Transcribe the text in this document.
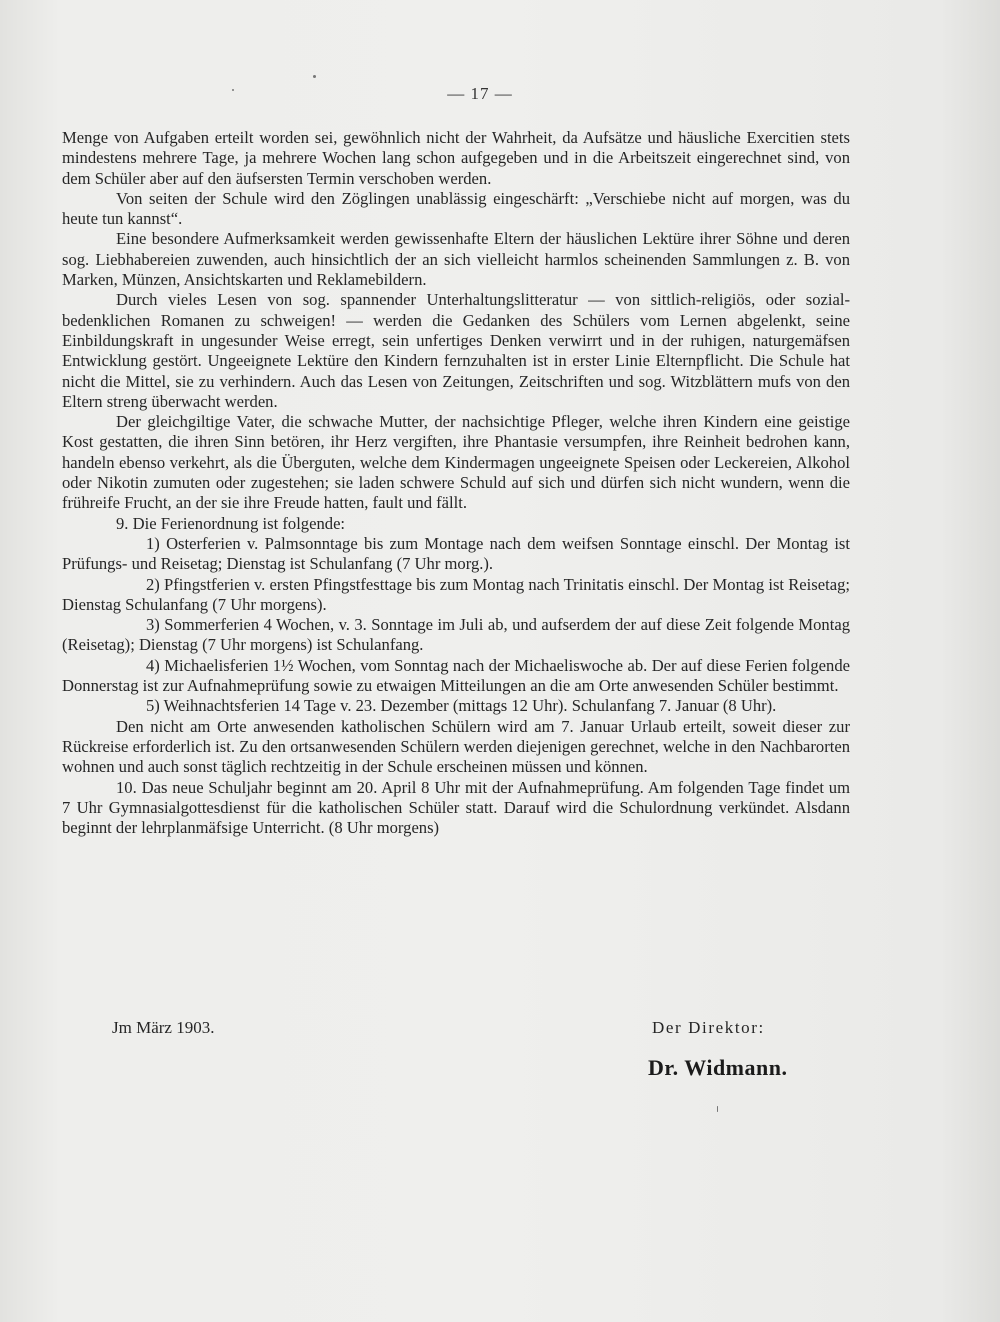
— 17 —

Menge von Aufgaben erteilt worden sei, gewöhnlich nicht der Wahrheit, da Aufsätze und häusliche Exercitien stets mindestens mehrere Tage, ja mehrere Wochen lang schon aufgegeben und in die Arbeitszeit eingerechnet sind, von dem Schüler aber auf den äufsersten Termin verschoben werden.

Von seiten der Schule wird den Zöglingen unablässig eingeschärft: „Verschiebe nicht auf morgen, was du heute tun kannst“.

Eine besondere Aufmerksamkeit werden gewissenhafte Eltern der häuslichen Lektüre ihrer Söhne und deren sog. Liebhabereien zuwenden, auch hinsichtlich der an sich vielleicht harmlos scheinenden Sammlungen z. B. von Marken, Münzen, Ansichtskarten und Reklamebildern.

Durch vieles Lesen von sog. spannender Unterhaltungslitteratur — von sittlich-religiös, oder sozial-bedenklichen Romanen zu schweigen! — werden die Gedanken des Schülers vom Lernen abgelenkt, seine Einbildungskraft in ungesunder Weise erregt, sein unfertiges Denken verwirrt und in der ruhigen, naturgemäfsen Entwicklung gestört. Ungeeignete Lektüre den Kindern fernzuhalten ist in erster Linie Elternpflicht. Die Schule hat nicht die Mittel, sie zu verhindern. Auch das Lesen von Zeitungen, Zeitschriften und sog. Witzblättern mufs von den Eltern streng überwacht werden.

Der gleichgiltige Vater, die schwache Mutter, der nachsichtige Pfleger, welche ihren Kindern eine geistige Kost gestatten, die ihren Sinn betören, ihr Herz vergiften, ihre Phantasie versumpfen, ihre Reinheit bedrohen kann, handeln ebenso verkehrt, als die Überguten, welche dem Kindermagen ungeeignete Speisen oder Leckereien, Alkohol oder Nikotin zumuten oder zugestehen; sie laden schwere Schuld auf sich und dürfen sich nicht wundern, wenn die frühreife Frucht, an der sie ihre Freude hatten, fault und fällt.

9. Die Ferienordnung ist folgende:

1) Osterferien v. Palmsonntage bis zum Montage nach dem weifsen Sonntage einschl. Der Montag ist Prüfungs- und Reisetag; Dienstag ist Schulanfang (7 Uhr morg.).

2) Pfingstferien v. ersten Pfingstfesttage bis zum Montag nach Trinitatis einschl. Der Montag ist Reisetag; Dienstag Schulanfang (7 Uhr morgens).

3) Sommerferien 4 Wochen, v. 3. Sonntage im Juli ab, und aufserdem der auf diese Zeit folgende Montag (Reisetag); Dienstag (7 Uhr morgens) ist Schulanfang.

4) Michaelisferien 1½ Wochen, vom Sonntag nach der Michaeliswoche ab. Der auf diese Ferien folgende Donnerstag ist zur Aufnahmeprüfung sowie zu etwaigen Mitteilungen an die am Orte anwesenden Schüler bestimmt.

5) Weihnachtsferien 14 Tage v. 23. Dezember (mittags 12 Uhr). Schulanfang 7. Januar (8 Uhr).

Den nicht am Orte anwesenden katholischen Schülern wird am 7. Januar Urlaub erteilt, soweit dieser zur Rückreise erforderlich ist. Zu den ortsanwesenden Schülern werden diejenigen gerechnet, welche in den Nachbarorten wohnen und auch sonst täglich rechtzeitig in der Schule erscheinen müssen und können.

10. Das neue Schuljahr beginnt am 20. April 8 Uhr mit der Aufnahmeprüfung. Am folgenden Tage findet um 7 Uhr Gymnasialgottesdienst für die katholischen Schüler statt. Darauf wird die Schulordnung verkündet. Alsdann beginnt der lehrplanmäfsige Unterricht. (8 Uhr morgens)

Jm März 1903.	Der Direktor:
Dr. Widmann.
